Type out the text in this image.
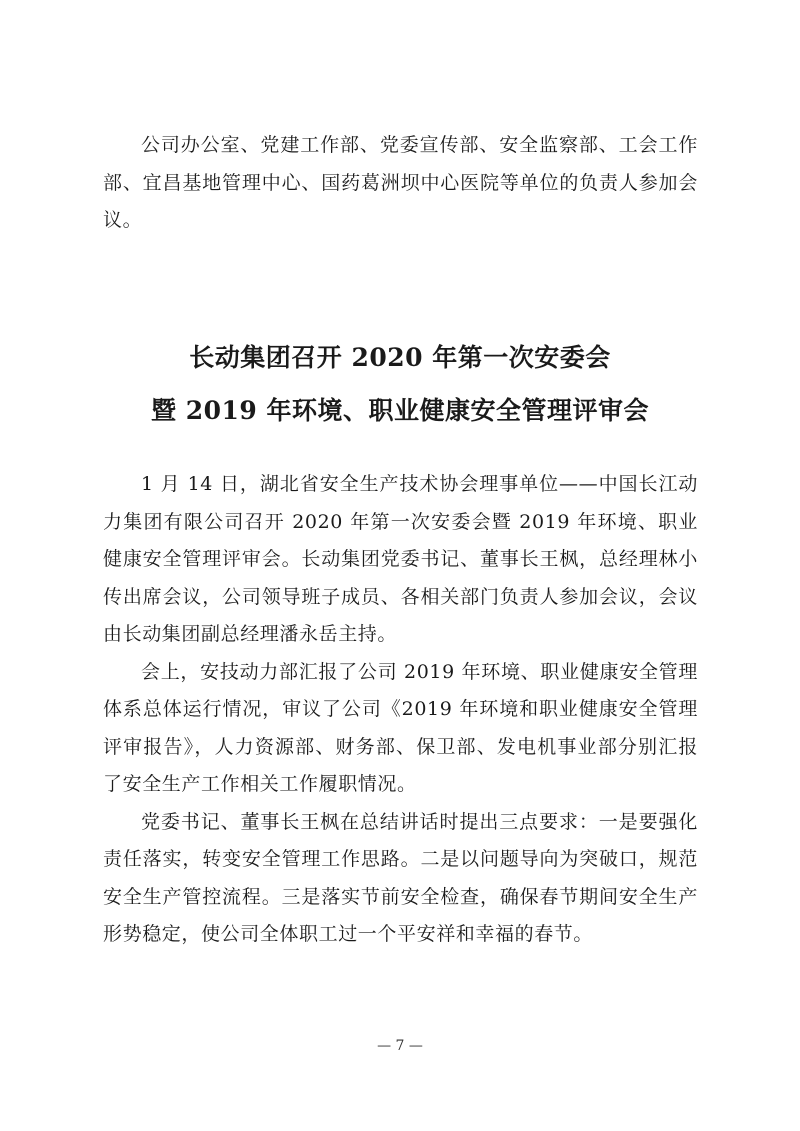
公司办公室、党建工作部、党委宣传部、安全监察部、工会工作部、宜昌基地管理中心、国药葛洲坝中心医院等单位的负责人参加会议。

长动集团召开 2020 年第一次安委会
暨 2019 年环境、职业健康安全管理评审会

1 月 14 日，湖北省安全生产技术协会理事单位——中国长江动力集团有限公司召开 2020 年第一次安委会暨 2019 年环境、职业健康安全管理评审会。长动集团党委书记、董事长王枫，总经理林小传出席会议，公司领导班子成员、各相关部门负责人参加会议，会议由长动集团副总经理潘永岳主持。

会上，安技动力部汇报了公司 2019 年环境、职业健康安全管理体系总体运行情况，审议了公司《2019 年环境和职业健康安全管理评审报告》，人力资源部、财务部、保卫部、发电机事业部分别汇报了安全生产工作相关工作履职情况。

党委书记、董事长王枫在总结讲话时提出三点要求：一是要强化责任落实，转变安全管理工作思路。二是以问题导向为突破口，规范安全生产管控流程。三是落实节前安全检查，确保春节期间安全生产形势稳定，使公司全体职工过一个平安祥和幸福的春节。

— 7 —
